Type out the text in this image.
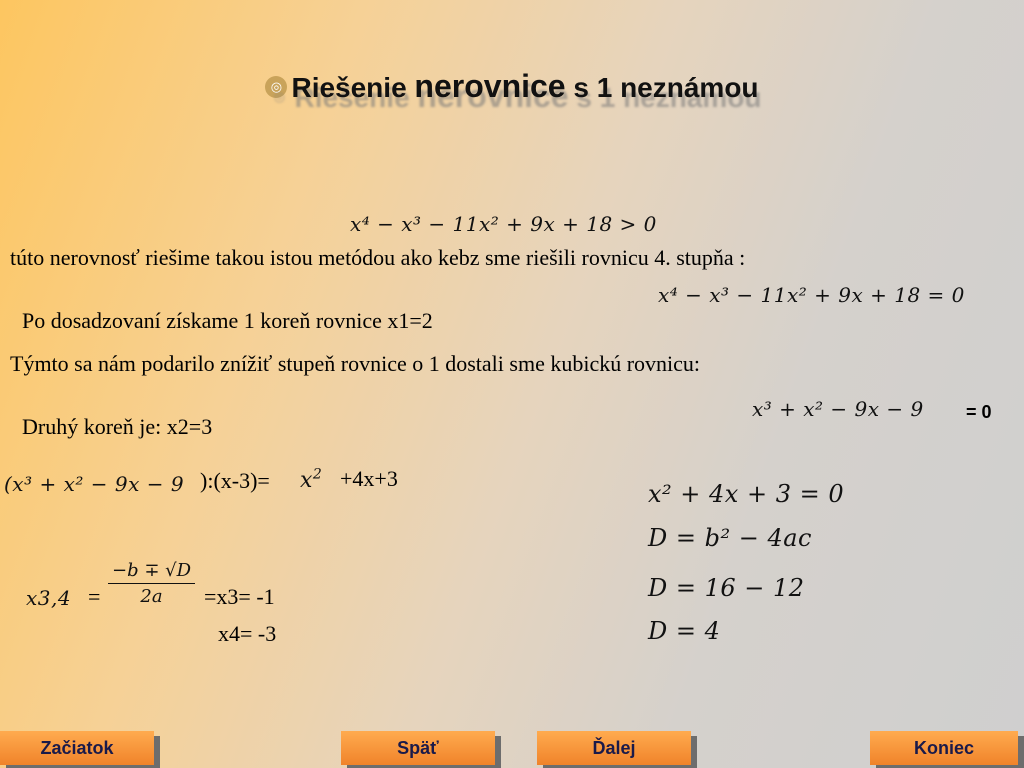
◎ Riešenie nerovnice s 1 neznámou
x⁴ − x³ − 11x² + 9x + 18 > 0
túto nerovnosť riešime takou istou metódou ako kebz sme riešili rovnicu 4. stupňa :
x⁴ − x³ − 11x² + 9x + 18 = 0
Po dosadzovaní získame 1 koreň rovnice x1=2
Týmto sa nám podarilo znížiť stupeň rovnice o 1 dostali sme kubickú rovnicu:
x³ + x² − 9x − 9 = 0
Druhý koreň je: x2=3
(x³ + x² − 9x − 9 ):(x-3)= $x^2 +4x+3$
x² + 4x + 3 = 0
D = b² − 4ac
D = 16 − 12
D = 4
$x3,4 = \frac{-b \mp √D}{2a} =x3= -1$
x4= -3
Začiatok	Späť	Ďalej	Koniec
